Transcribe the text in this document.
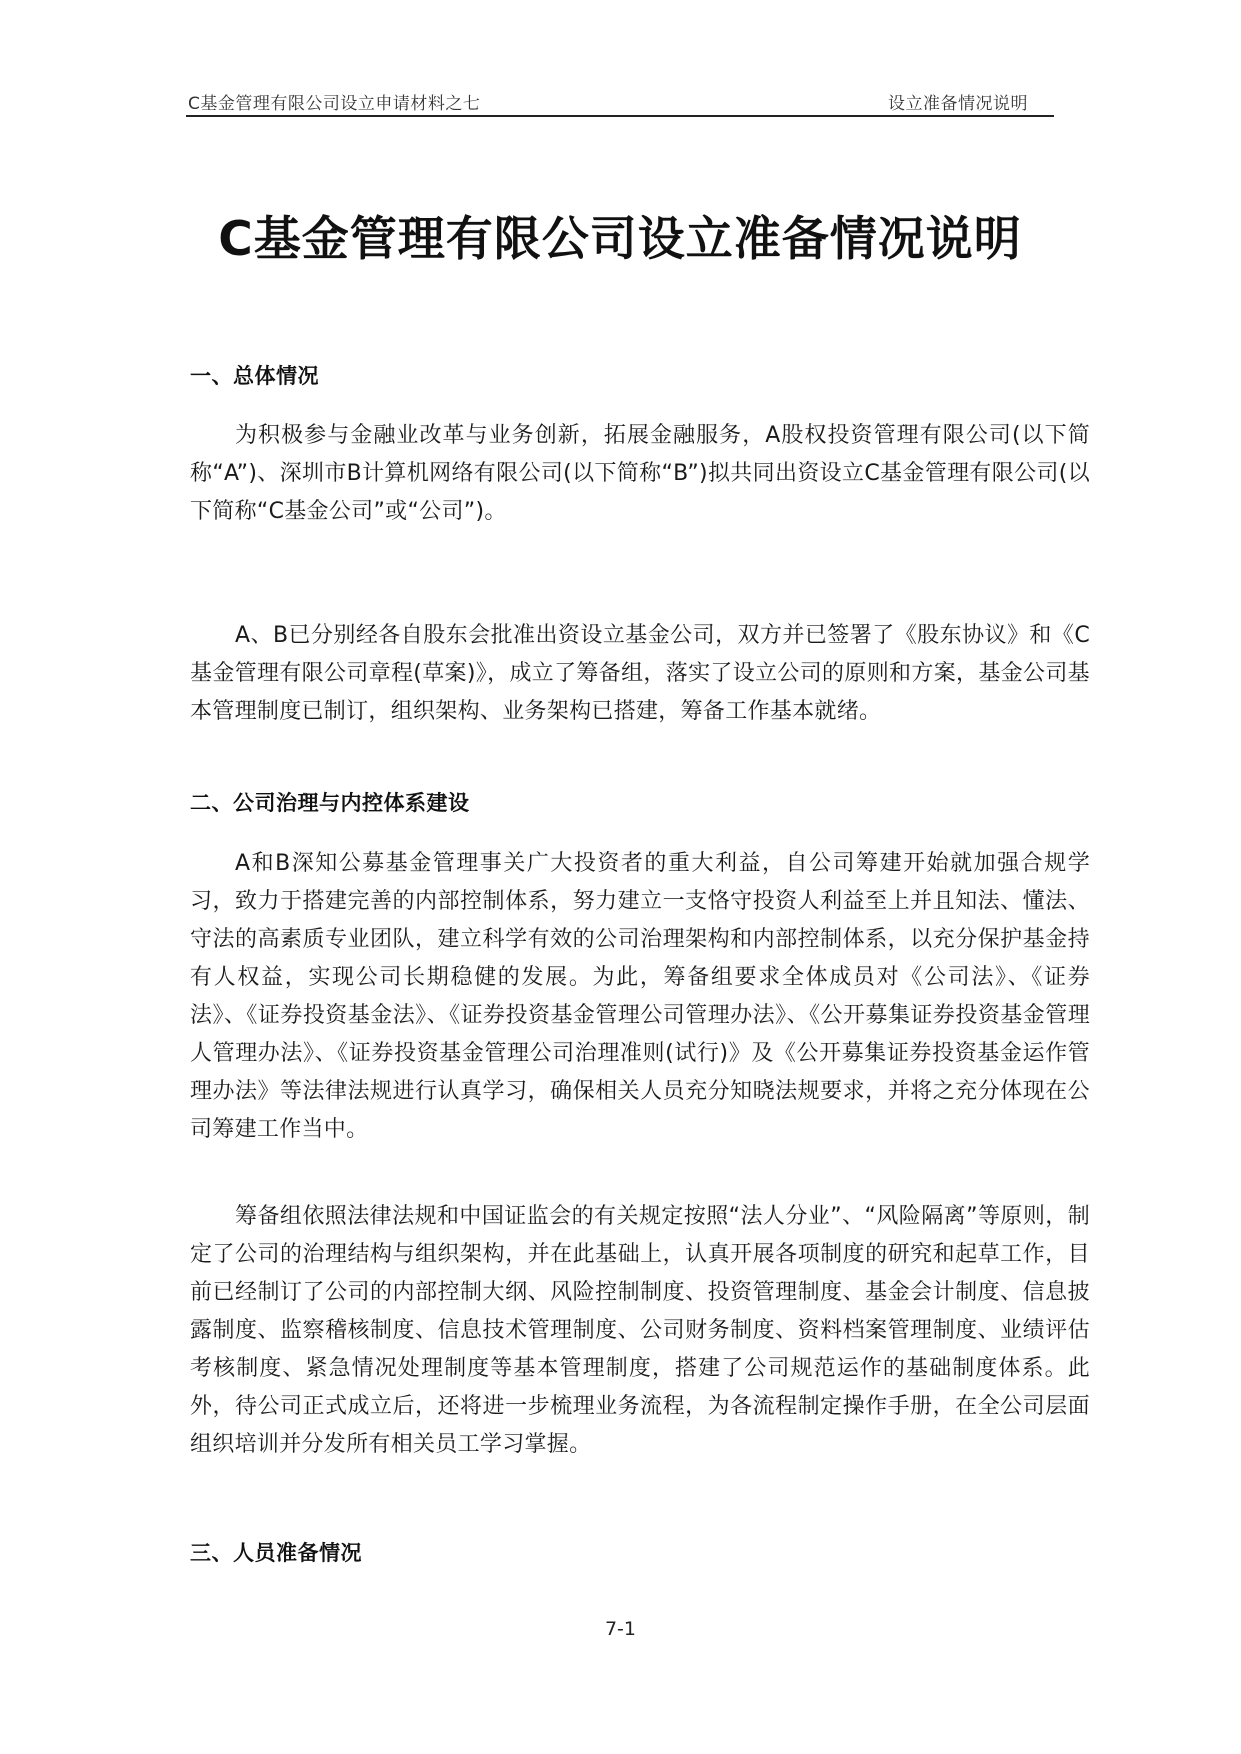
C基金管理有限公司设立申请材料之七	设立准备情况说明
C基金管理有限公司设立准备情况说明
一、总体情况
为积极参与金融业改革与业务创新，拓展金融服务，A股权投资管理有限公司(以下简称“A”)、深圳市B计算机网络有限公司(以下简称“B”)拟共同出资设立C基金管理有限公司(以下简称“C基金公司”或“公司”)。
A、B已分别经各自股东会批准出资设立基金公司，双方并已签署了《股东协议》和《C基金管理有限公司章程(草案)》，成立了筹备组，落实了设立公司的原则和方案，基金公司基本管理制度已制订，组织架构、业务架构已搭建，筹备工作基本就绪。
二、公司治理与内控体系建设
A和B深知公募基金管理事关广大投资者的重大利益，自公司筹建开始就加强合规学习，致力于搭建完善的内部控制体系，努力建立一支恪守投资人利益至上并且知法、懂法、守法的高素质专业团队，建立科学有效的公司治理架构和内部控制体系，以充分保护基金持有人权益，实现公司长期稳健的发展。为此，筹备组要求全体成员对《公司法》、《证券法》、《证券投资基金法》、《证券投资基金管理公司管理办法》、《公开募集证券投资基金管理人管理办法》、《证券投资基金管理公司治理准则(试行)》及《公开募集证券投资基金运作管理办法》等法律法规进行认真学习，确保相关人员充分知晓法规要求，并将之充分体现在公司筹建工作当中。
筹备组依照法律法规和中国证监会的有关规定按照“法人分业”、“风险隔离”等原则，制定了公司的治理结构与组织架构，并在此基础上，认真开展各项制度的研究和起草工作，目前已经制订了公司的内部控制大纲、风险控制制度、投资管理制度、基金会计制度、信息披露制度、监察稽核制度、信息技术管理制度、公司财务制度、资料档案管理制度、业绩评估考核制度、紧急情况处理制度等基本管理制度，搭建了公司规范运作的基础制度体系。此外，待公司正式成立后，还将进一步梳理业务流程，为各流程制定操作手册，在全公司层面组织培训并分发所有相关员工学习掌握。
三、人员准备情况
7-1
